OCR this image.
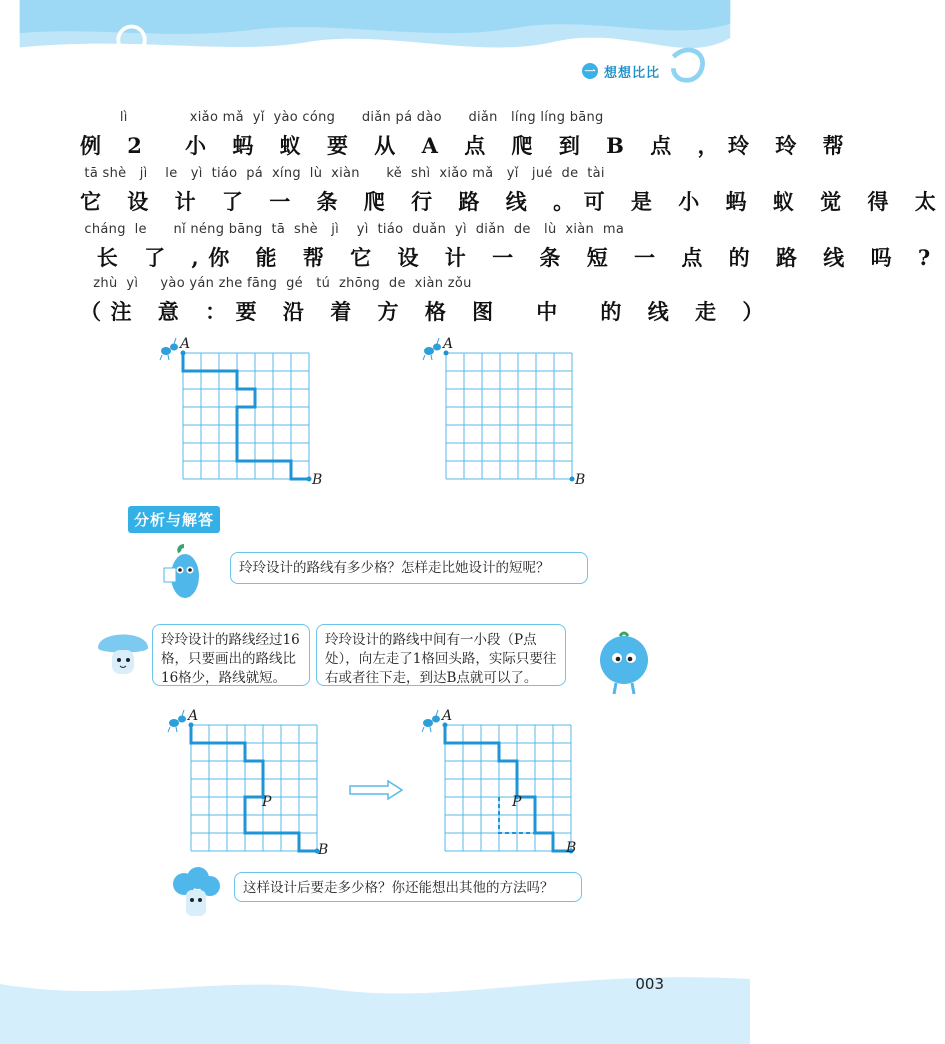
一 想想比比
lì              xiǎo mǎ  yǐ  yào cóng      diǎn pá dào      diǎn   líng líng bāng
例 2  小 蚂 蚁 要 从 A 点 爬 到 B 点 ，玲 玲 帮
tā shè   jì    le   yì  tiáo  pá  xíng  lù  xiàn      kě  shì  xiǎo mǎ   yǐ   jué  de  tài
它 设 计 了 一 条 爬 行 路 线 。可 是 小 蚂 蚁 觉 得 太
cháng  le      nǐ néng bāng  tā  shè   jì    yì  tiáo  duǎn  yì  diǎn  de   lù  xiàn  ma
长 了 ,你 能 帮 它 设 计 一 条 短 一 点 的 路 线 吗 ?
zhù  yì     yào yán zhe fāng  gé   tú  zhōng  de  xiàn zǒu
（注 意 ：要 沿 着 方 格 图  中  的 线 走 ）
A
B
A
B
分析与解答
玲玲设计的路线有多少格？怎样走比她设计的短呢？
玲玲设计的路线经过16格，只要画出的路线比16格少，路线就短。
玲玲设计的路线中间有一小段（P点处），向左走了1格回头路，实际只要往右或者往下走，到达B点就可以了。
A
P
B
A
P
B
这样设计后要走多少格？你还能想出其他的方法吗？
003
